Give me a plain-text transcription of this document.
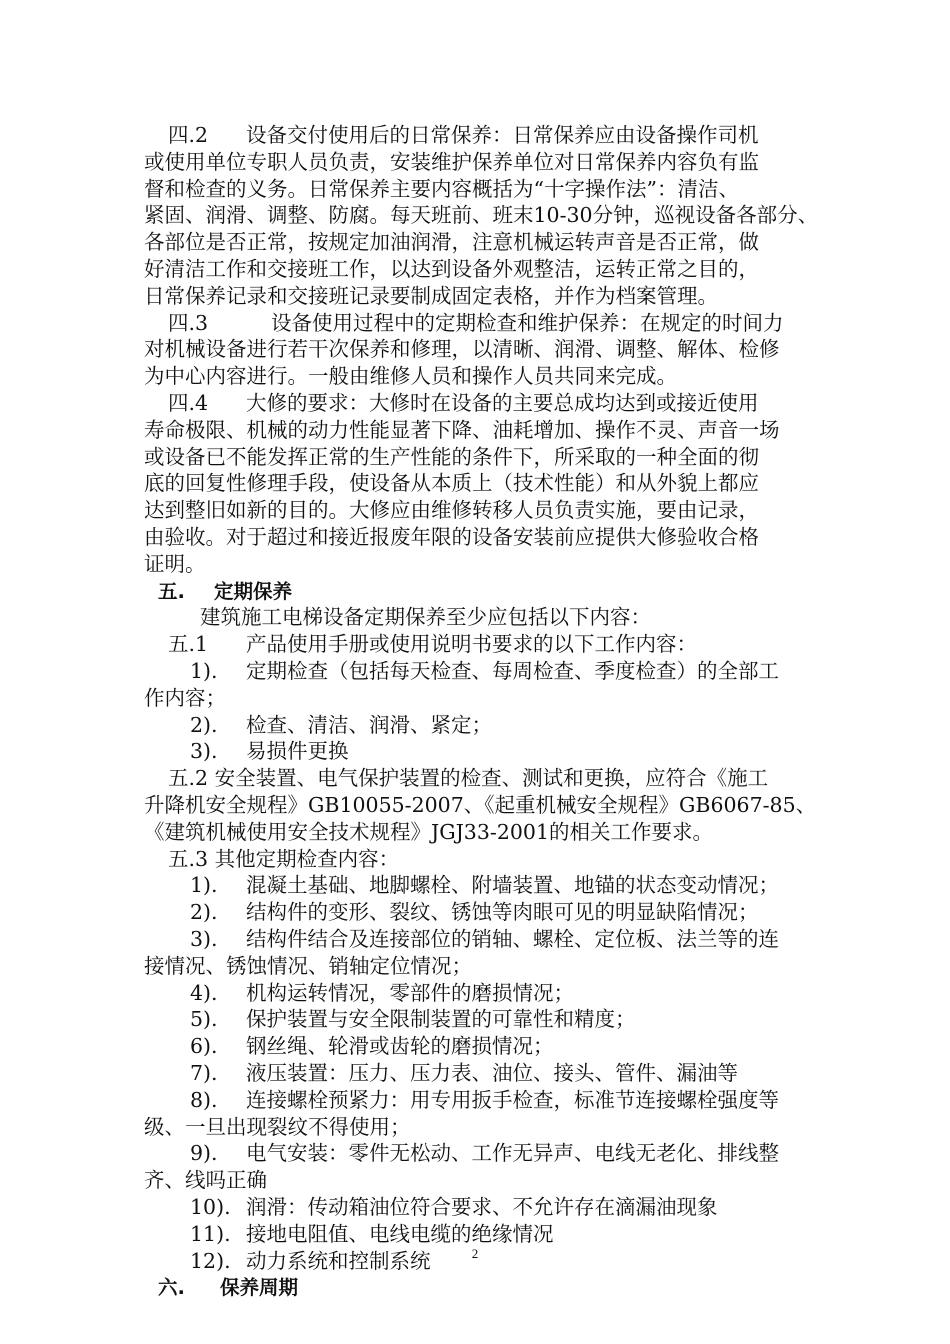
四.2 设备交付使用后的日常保养：日常保养应由设备操作司机
或使用单位专职人员负责，安装维护保养单位对日常保养内容负有监
督和检查的义务。日常保养主要内容概括为“十字操作法”：清洁、
紧固、润滑、调整、防腐。每天班前、班末10-30分钟，巡视设备各部分、
各部位是否正常，按规定加油润滑，注意机械运转声音是否正常，做
好清洁工作和交接班工作，以达到设备外观整洁，运转正常之目的，
日常保养记录和交接班记录要制成固定表格，并作为档案管理。
四.3	设备使用过程中的定期检查和维护保养：在规定的时间力
对机械设备进行若干次保养和修理，以清晰、润滑、调整、解体、检修
为中心内容进行。一般由维修人员和操作人员共同来完成。
四.4 大修的要求：大修时在设备的主要总成均达到或接近使用
寿命极限、机械的动力性能显著下降、油耗增加、操作不灵、声音一场
或设备已不能发挥正常的生产性能的条件下，所采取的一种全面的彻
底的回复性修理手段，使设备从本质上（技术性能）和从外貌上都应
达到整旧如新的目的。大修应由维修转移人员负责实施，要由记录，
由验收。对于超过和接近报废年限的设备安装前应提供大修验收合格
证明。
五. 定期保养
建筑施工电梯设备定期保养至少应包括以下内容：
五.1 产品使用手册或使用说明书要求的以下工作内容：
1). 定期检查（包括每天检查、每周检查、季度检查）的全部工
作内容；
2). 检查、清洁、润滑、紧定；
3). 易损件更换
五.2 安全装置、电气保护装置的检查、测试和更换，应符合《施工
升降机安全规程》GB10055-2007、《起重机械安全规程》GB6067-85、
《建筑机械使用安全技术规程》JGJ33-2001的相关工作要求。
五.3 其他定期检查内容：
1). 混凝土基础、地脚螺栓、附墙装置、地锚的状态变动情况；
2). 结构件的变形、裂纹、锈蚀等肉眼可见的明显缺陷情况；
3). 结构件结合及连接部位的销轴、螺栓、定位板、法兰等的连
接情况、锈蚀情况、销轴定位情况；
4). 机构运转情况，零部件的磨损情况；
5). 保护装置与安全限制装置的可靠性和精度；
6). 钢丝绳、轮滑或齿轮的磨损情况；
7). 液压装置：压力、压力表、油位、接头、管件、漏油等
8). 连接螺栓预紧力：用专用扳手检查，标准节连接螺栓强度等
级、一旦出现裂纹不得使用；
9). 电气安装：零件无松动、工作无异声、电线无老化、排线整
齐、线吗正确
10). 润滑：传动箱油位符合要求、不允许存在滴漏油现象
11). 接地电阻值、电线电缆的绝缘情况
12). 动力系统和控制系统
六. 保养周期
2
